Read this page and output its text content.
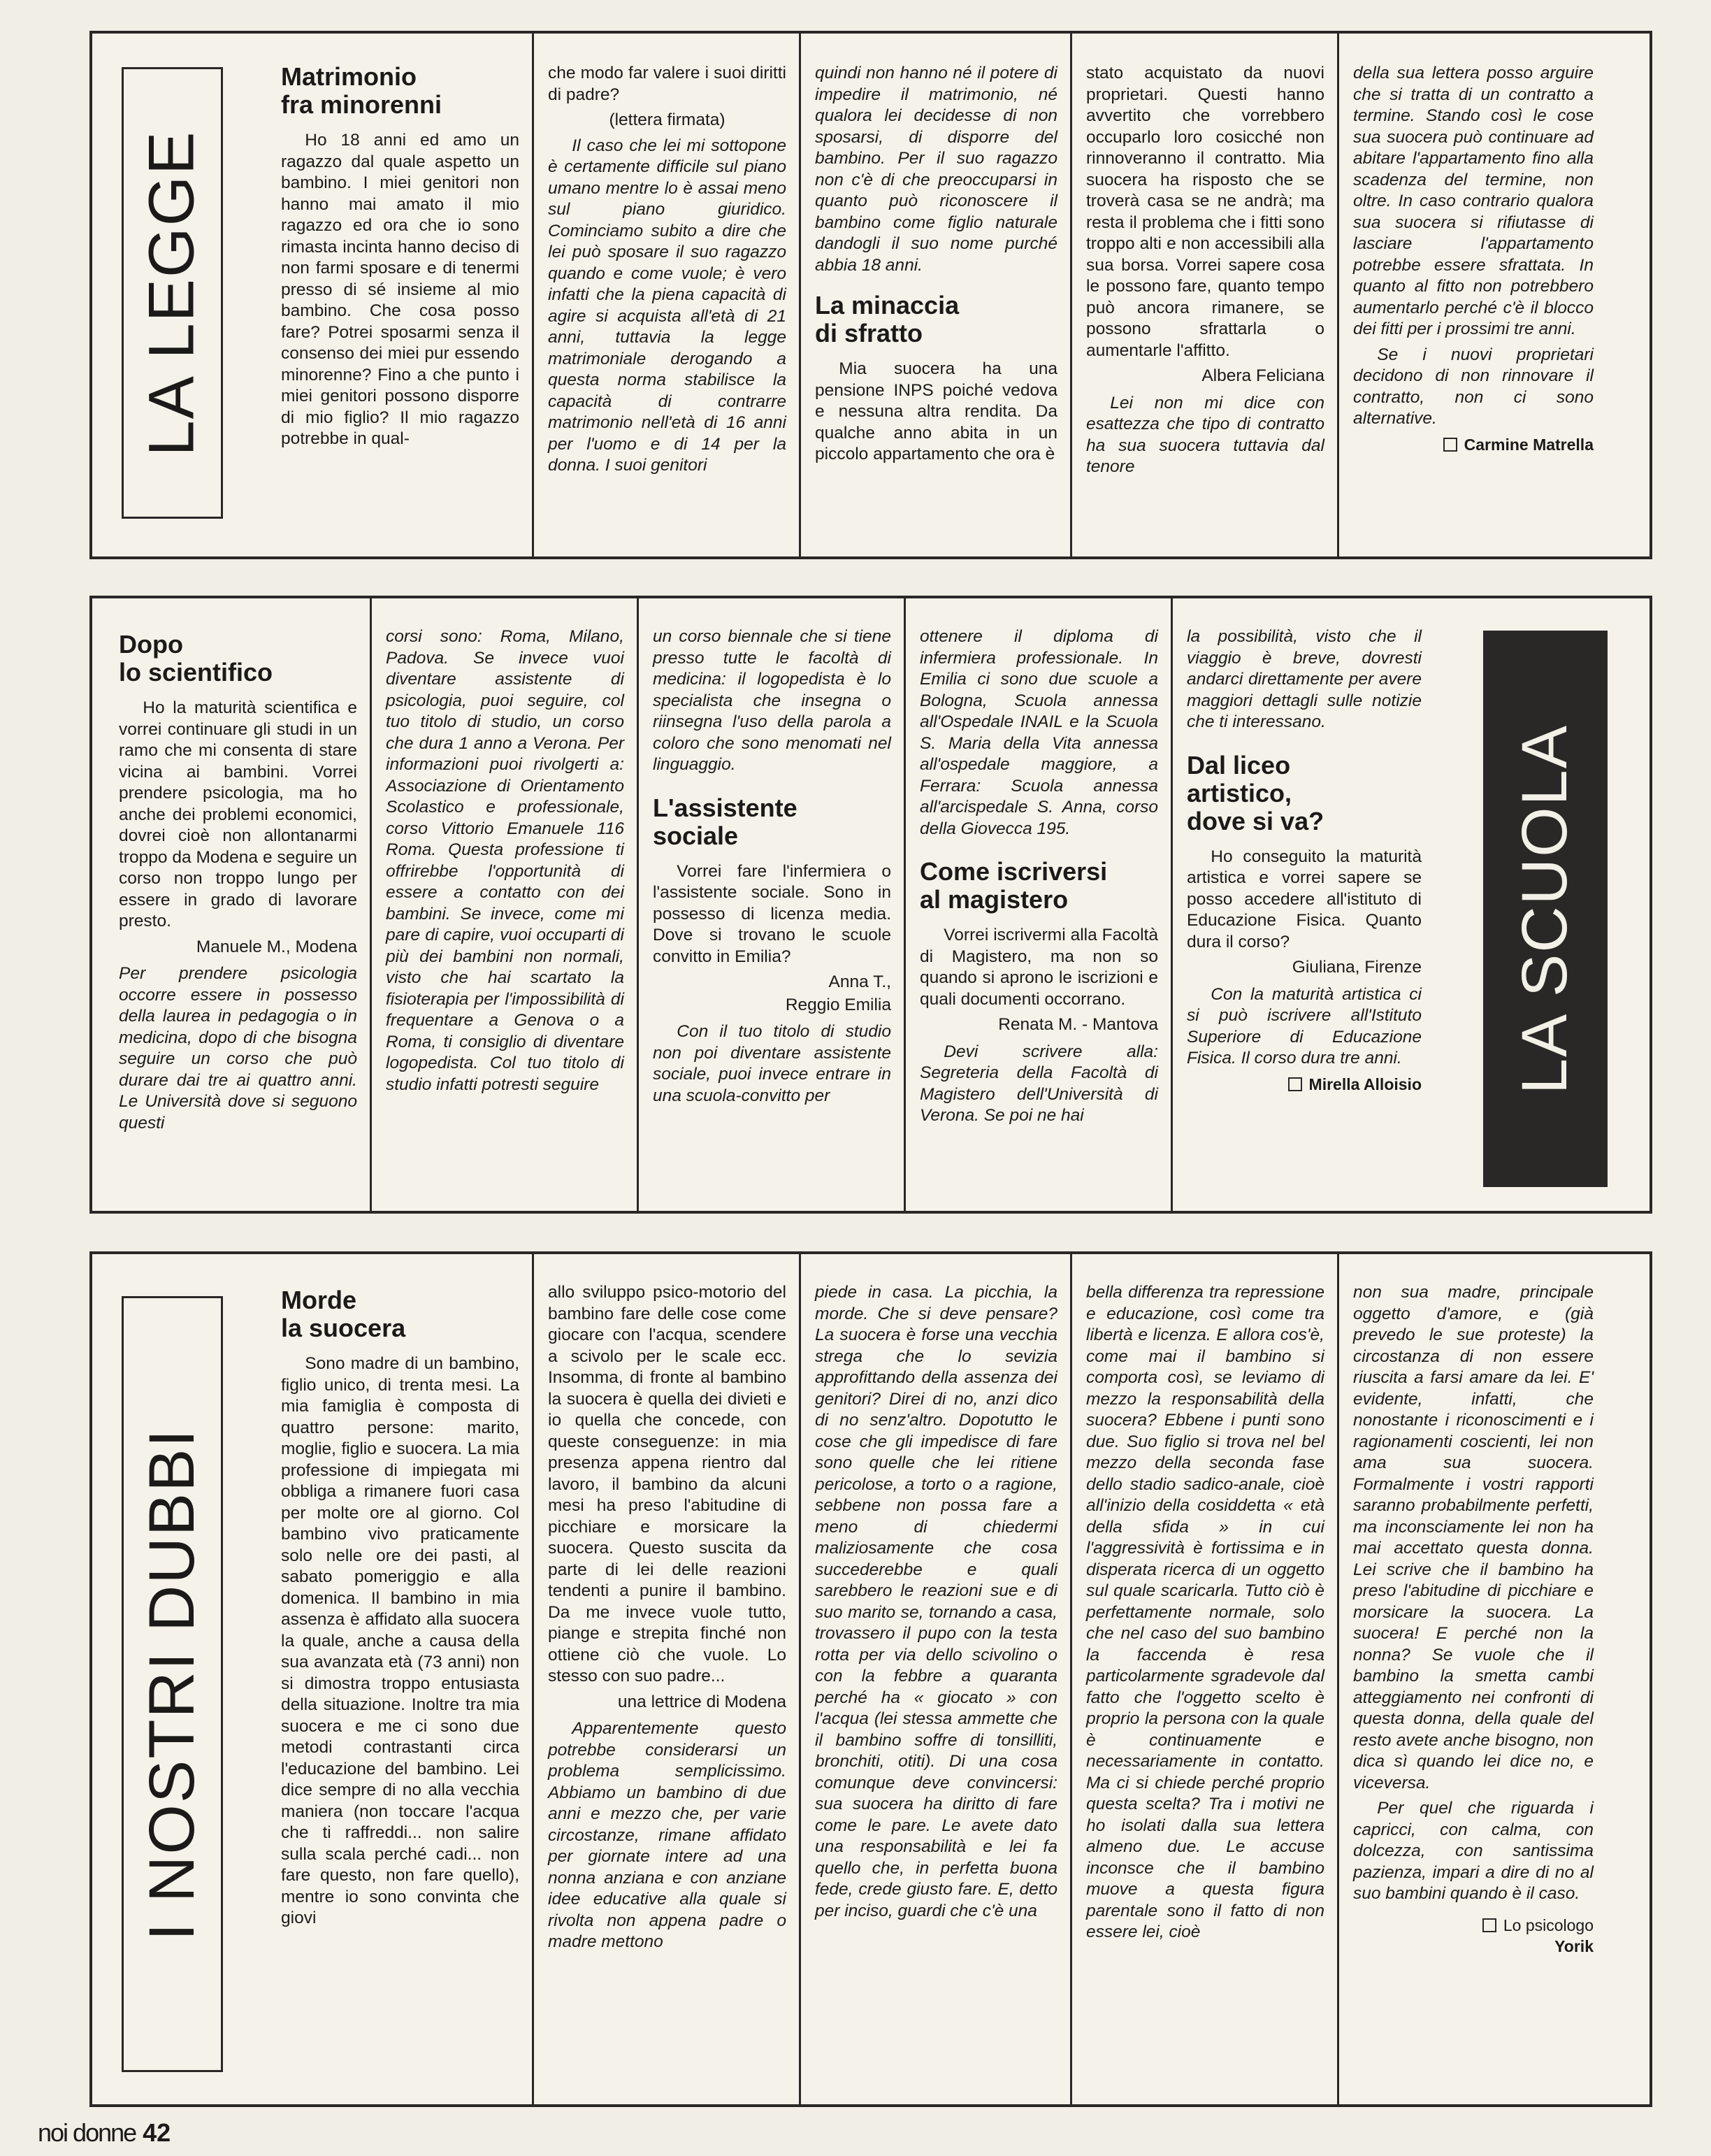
LA LEGGE
Matrimonio
fra minorenni

Ho 18 anni ed amo un ragazzo dal quale aspetto un bambino. I miei genitori non hanno mai amato il mio ragazzo ed ora che io sono rimasta incinta hanno deciso di non farmi sposare e di tenermi presso di sé insieme al mio bambino. Che cosa posso fare? Potrei sposarmi senza il consenso dei miei pur essendo minorenne? Fino a che punto i miei genitori possono disporre di mio figlio? Il mio ragazzo potrebbe in qual-

che modo far valere i suoi diritti di padre?

(lettera firmata)

Il caso che lei mi sottopone è certamente difficile sul piano umano mentre lo è assai meno sul piano giuridico. Cominciamo subito a dire che lei può sposare il suo ragazzo quando e come vuole; è vero infatti che la piena capacità di agire si acquista all'età di 21 anni, tuttavia la legge matrimoniale derogando a questa norma stabilisce la capacità di contrarre matrimonio nell'età di 16 anni per l'uomo e di 14 per la donna. I suoi genitori

quindi non hanno né il potere di impedire il matrimonio, né qualora lei decidesse di non sposarsi, di disporre del bambino. Per il suo ragazzo non c'è di che preoccuparsi in quanto può riconoscere il bambino come figlio naturale dandogli il suo nome purché abbia 18 anni.

La minaccia
di sfratto

Mia suocera ha una pensione INPS poiché vedova e nessuna altra rendita. Da qualche anno abita in un piccolo appartamento che ora è

stato acquistato da nuovi proprietari. Questi hanno avvertito che vorrebbero occuparlo loro cosicché non rinnoveranno il contratto. Mia suocera ha risposto che se troverà casa se ne andrà; ma resta il problema che i fitti sono troppo alti e non accessibili alla sua borsa. Vorrei sapere cosa le possono fare, quanto tempo può ancora rimanere, se possono sfrattarla o aumentarle l'affitto.

Albera Feliciana

Lei non mi dice con esattezza che tipo di contratto ha sua suocera tuttavia dal tenore

della sua lettera posso arguire che si tratta di un contratto a termine. Stando così le cose sua suocera può continuare ad abitare l'appartamento fino alla scadenza del termine, non oltre. In caso contrario qualora sua suocera si rifiutasse di lasciare l'appartamento potrebbe essere sfrattata. In quanto al fitto non potrebbero aumentarlo perché c'è il blocco dei fitti per i prossimi tre anni.

Se i nuovi proprietari decidono di non rinnovare il contratto, non ci sono alternative.

Carmine Matrella
Dopo
lo scientifico

Ho la maturità scientifica e vorrei continuare gli studi in un ramo che mi consenta di stare vicina ai bambini. Vorrei prendere psicologia, ma ho anche dei problemi economici, dovrei cioè non allontanarmi troppo da Modena e seguire un corso non troppo lungo per essere in grado di lavorare presto.

Manuele M., Modena

Per prendere psicologia occorre essere in possesso della laurea in pedagogia o in medicina, dopo di che bisogna seguire un corso che può durare dai tre ai quattro anni. Le Università dove si seguono questi

corsi sono: Roma, Milano, Padova. Se invece vuoi diventare assistente di psicologia, puoi seguire, col tuo titolo di studio, un corso che dura 1 anno a Verona. Per informazioni puoi rivolgerti a: Associazione di Orientamento Scolastico e professionale, corso Vittorio Emanuele 116 Roma. Questa professione ti offrirebbe l'opportunità di essere a contatto con dei bambini. Se invece, come mi pare di capire, vuoi occuparti di più dei bambini non normali, visto che hai scartato la fisioterapia per l'impossibilità di frequentare a Genova o a Roma, ti consiglio di diventare logopedista. Col tuo titolo di studio infatti potresti seguire

un corso biennale che si tiene presso tutte le facoltà di medicina: il logopedista è lo specialista che insegna o riinsegna l'uso della parola a coloro che sono menomati nel linguaggio.

L'assistente
sociale

Vorrei fare l'infermiera o l'assistente sociale. Sono in possesso di licenza media. Dove si trovano le scuole convitto in Emilia?

Anna T.,

Reggio Emilia

Con il tuo titolo di studio non poi diventare assistente sociale, puoi invece entrare in una scuola-convitto per

ottenere il diploma di infermiera professionale. In Emilia ci sono due scuole a Bologna, Scuola annessa all'Ospedale INAIL e la Scuola S. Maria della Vita annessa all'ospedale maggiore, a Ferrara: Scuola annessa all'arcispedale S. Anna, corso della Giovecca 195.

Come iscriversi
al magistero

Vorrei iscrivermi alla Facoltà di Magistero, ma non so quando si aprono le iscrizioni e quali documenti occorrano.

Renata M. - Mantova

Devi scrivere alla: Segreteria della Facoltà di Magistero dell'Università di Verona. Se poi ne hai

la possibilità, visto che il viaggio è breve, dovresti andarci direttamente per avere maggiori dettagli sulle notizie che ti interessano.

Dal liceo
artistico,
dove si va?

Ho conseguito la maturità artistica e vorrei sapere se posso accedere all'istituto di Educazione Fisica. Quanto dura il corso?

Giuliana, Firenze

Con la maturità artistica ci si può iscrivere all'Istituto Superiore di Educazione Fisica. Il corso dura tre anni.

Mirella Alloisio LA SCUOLA
I NOSTRI DUBBI
Morde
la suocera

Sono madre di un bambino, figlio unico, di trenta mesi. La mia famiglia è composta di quattro persone: marito, moglie, figlio e suocera. La mia professione di impiegata mi obbliga a rimanere fuori casa per molte ore al giorno. Col bambino vivo praticamente solo nelle ore dei pasti, al sabato pomeriggio e alla domenica. Il bambino in mia assenza è affidato alla suocera la quale, anche a causa della sua avanzata età (73 anni) non si dimostra troppo entusiasta della situazione. Inoltre tra mia suocera e me ci sono due metodi contrastanti circa l'educazione del bambino. Lei dice sempre di no alla vecchia maniera (non toccare l'acqua che ti raffreddi... non salire sulla scala perché cadi... non fare questo, non fare quello), mentre io sono convinta che giovi

allo sviluppo psico-motorio del bambino fare delle cose come giocare con l'acqua, scendere a scivolo per le scale ecc. Insomma, di fronte al bambino la suocera è quella dei divieti e io quella che concede, con queste conseguenze: in mia presenza appena rientro dal lavoro, il bambino da alcuni mesi ha preso l'abitudine di picchiare e morsicare la suocera. Questo suscita da parte di lei delle reazioni tendenti a punire il bambino. Da me invece vuole tutto, piange e strepita finché non ottiene ciò che vuole. Lo stesso con suo padre...

una lettrice di Modena

Apparentemente questo potrebbe considerarsi un problema semplicissimo. Abbiamo un bambino di due anni e mezzo che, per varie circostanze, rimane affidato per giornate intere ad una nonna anziana e con anziane idee educative alla quale si rivolta non appena padre o madre mettono

piede in casa. La picchia, la morde. Che si deve pensare? La suocera è forse una vecchia strega che lo sevizia approfittando della assenza dei genitori? Direi di no, anzi dico di no senz'altro. Dopotutto le cose che gli impedisce di fare sono quelle che lei ritiene pericolose, a torto o a ragione, sebbene non possa fare a meno di chiedermi maliziosamente che cosa succederebbe e quali sarebbero le reazioni sue e di suo marito se, tornando a casa, trovassero il pupo con la testa rotta per via dello scivolino o con la febbre a quaranta perché ha « giocato » con l'acqua (lei stessa ammette che il bambino soffre di tonsilliti, bronchiti, otiti). Di una cosa comunque deve convincersi: sua suocera ha diritto di fare come le pare. Le avete dato una responsabilità e lei fa quello che, in perfetta buona fede, crede giusto fare. E, detto per inciso, guardi che c'è una

bella differenza tra repressione e educazione, così come tra libertà e licenza. E allora cos'è, come mai il bambino si comporta così, se leviamo di mezzo la responsabilità della suocera? Ebbene i punti sono due. Suo figlio si trova nel bel mezzo della seconda fase dello stadio sadico-anale, cioè all'inizio della cosiddetta « età della sfida » in cui l'aggressività è fortissima e in disperata ricerca di un oggetto sul quale scaricarla. Tutto ciò è perfettamente normale, solo che nel caso del suo bambino la faccenda è resa particolarmente sgradevole dal fatto che l'oggetto scelto è proprio la persona con la quale è continuamente e necessariamente in contatto. Ma ci si chiede perché proprio questa scelta? Tra i motivi ne ho isolati dalla sua lettera almeno due. Le accuse inconsce che il bambino muove a questa figura parentale sono il fatto di non essere lei, cioè

non sua madre, principale oggetto d'amore, e (già prevedo le sue proteste) la circostanza di non essere riuscita a farsi amare da lei. E' evidente, infatti, che nonostante i riconoscimenti e i ragionamenti coscienti, lei non ama sua suocera. Formalmente i vostri rapporti saranno probabilmente perfetti, ma inconsciamente lei non ha mai accettato questa donna. Lei scrive che il bambino ha preso l'abitudine di picchiare e morsicare la suocera. La suocera! E perché non la nonna? Se vuole che il bambino la smetta cambi atteggiamento nei confronti di questa donna, della quale del resto avete anche bisogno, non dica sì quando lei dice no, e viceversa.

Per quel che riguarda i capricci, con calma, con dolcezza, con santissima pazienza, impari a dire di no al suo bambini quando è il caso.

Lo psicologo
Yorik
noi donne 42
